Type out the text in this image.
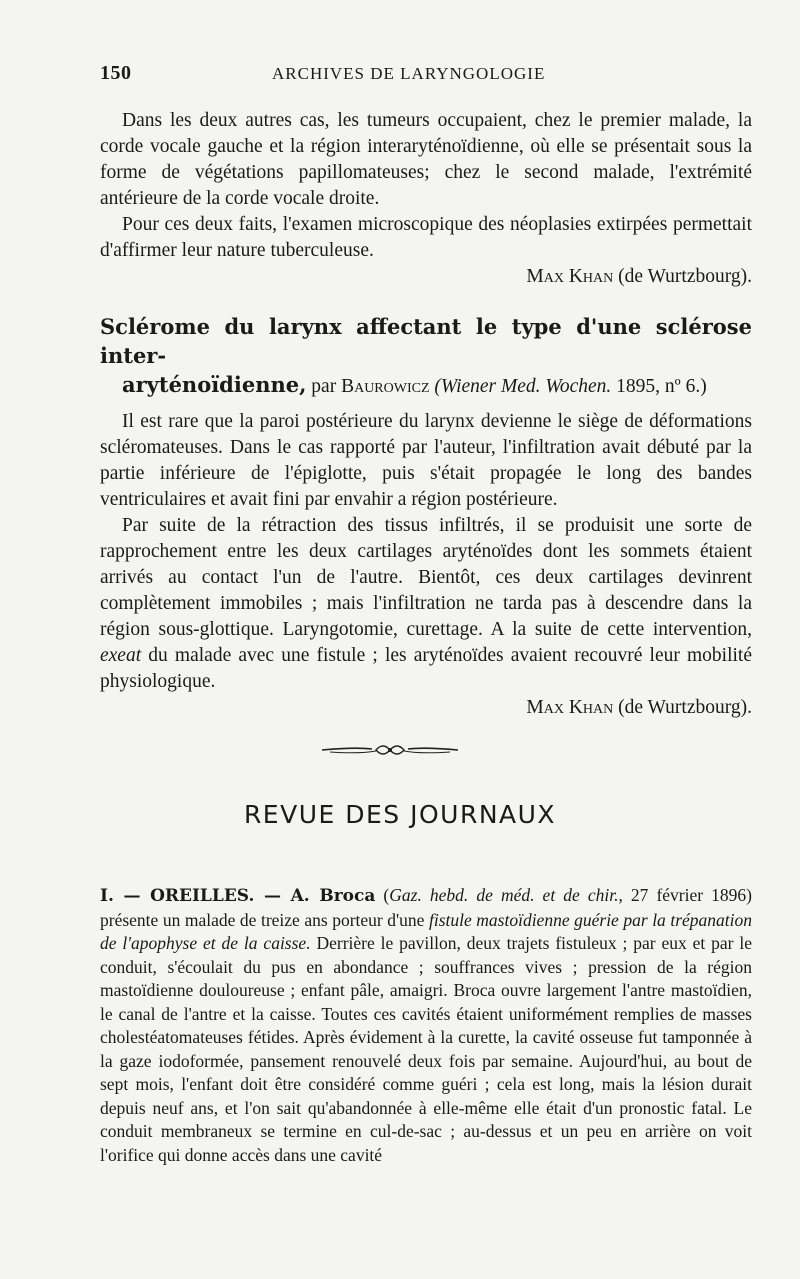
150	ARCHIVES DE LARYNGOLOGIE

Dans les deux autres cas, les tumeurs occupaient, chez le premier malade, la corde vocale gauche et la région interaryténoïdienne, où elle se présentait sous la forme de végétations papillomateuses; chez le second malade, l'extrémité antérieure de la corde vocale droite.

Pour ces deux faits, l'examen microscopique des néoplasies extirpées permettait d'affirmer leur nature tuberculeuse.

Max Khan (de Wurtzbourg).
Sclérome du larynx affectant le type d'une sclérose inter-
aryténoïdienne, par Baurowicz (Wiener Med. Wochen. 1895, nº 6.)

Il est rare que la paroi postérieure du larynx devienne le siège de déformations scléromateuses. Dans le cas rapporté par l'auteur, l'infiltration avait débuté par la partie inférieure de l'épiglotte, puis s'était propagée le long des bandes ventriculaires et avait fini par envahir a région postérieure.

Par suite de la rétraction des tissus infiltrés, il se produisit une sorte de rapprochement entre les deux cartilages aryténoïdes dont les sommets étaient arrivés au contact l'un de l'autre. Bientôt, ces deux cartilages devinrent complètement immobiles ; mais l'infiltration ne tarda pas à descendre dans la région sous-glottique. Laryngotomie, curettage. A la suite de cette intervention, exeat du malade avec une fistule ; les aryténoïdes avaient recouvré leur mobilité physiologique.

Max Khan (de Wurtzbourg).
REVUE DES JOURNAUX
I. — OREILLES. — A. Broca (Gaz. hebd. de méd. et de chir., 27 février 1896) présente un malade de treize ans porteur d'une fistule mastoïdienne guérie par la trépanation de l'apophyse et de la caisse. Derrière le pavillon, deux trajets fistuleux ; par eux et par le conduit, s'écoulait du pus en abondance ; souffrances vives ; pression de la région mastoïdienne douloureuse ; enfant pâle, amaigri. Broca ouvre largement l'antre mastoïdien, le canal de l'antre et la caisse. Toutes ces cavités étaient uniformément remplies de masses cholestéatomateuses fétides. Après évidement à la curette, la cavité osseuse fut tamponnée à la gaze iodoformée, pansement renouvelé deux fois par semaine. Aujourd'hui, au bout de sept mois, l'enfant doit être considéré comme guéri ; cela est long, mais la lésion durait depuis neuf ans, et l'on sait qu'abandonnée à elle-même elle était d'un pronostic fatal. Le conduit membraneux se termine en cul-de-sac ; au-dessus et un peu en arrière on voit l'orifice qui donne accès dans une cavité
